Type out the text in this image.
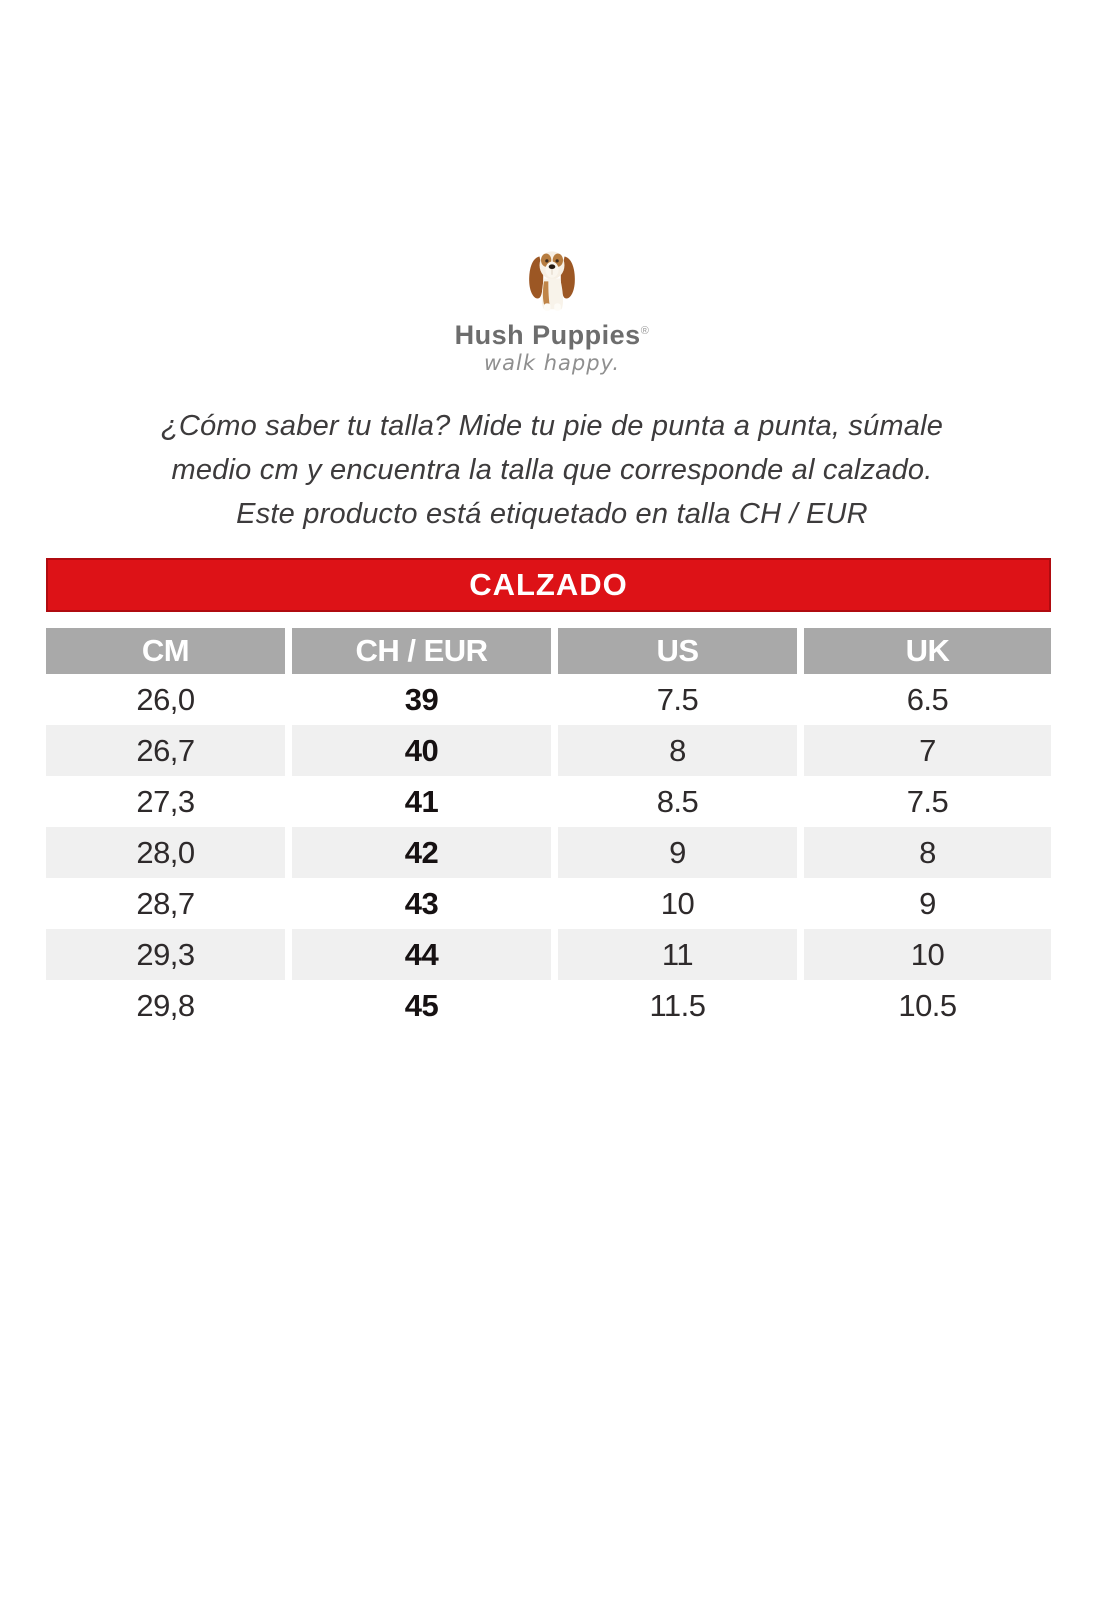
Hush Puppies®
walk happy.
¿Cómo saber tu talla? Mide tu pie de punta a punta, súmale
medio cm y encuentra la talla que corresponde al calzado.
Este producto está etiquetado en talla CH / EUR
CALZADO
CM	CH / EUR	US	UK
26,0	39	7.5	6.5
26,7	40	8	7
27,3	41	8.5	7.5
28,0	42	9	8
28,7	43	10	9
29,3	44	11	10
29,8	45	11.5	10.5
